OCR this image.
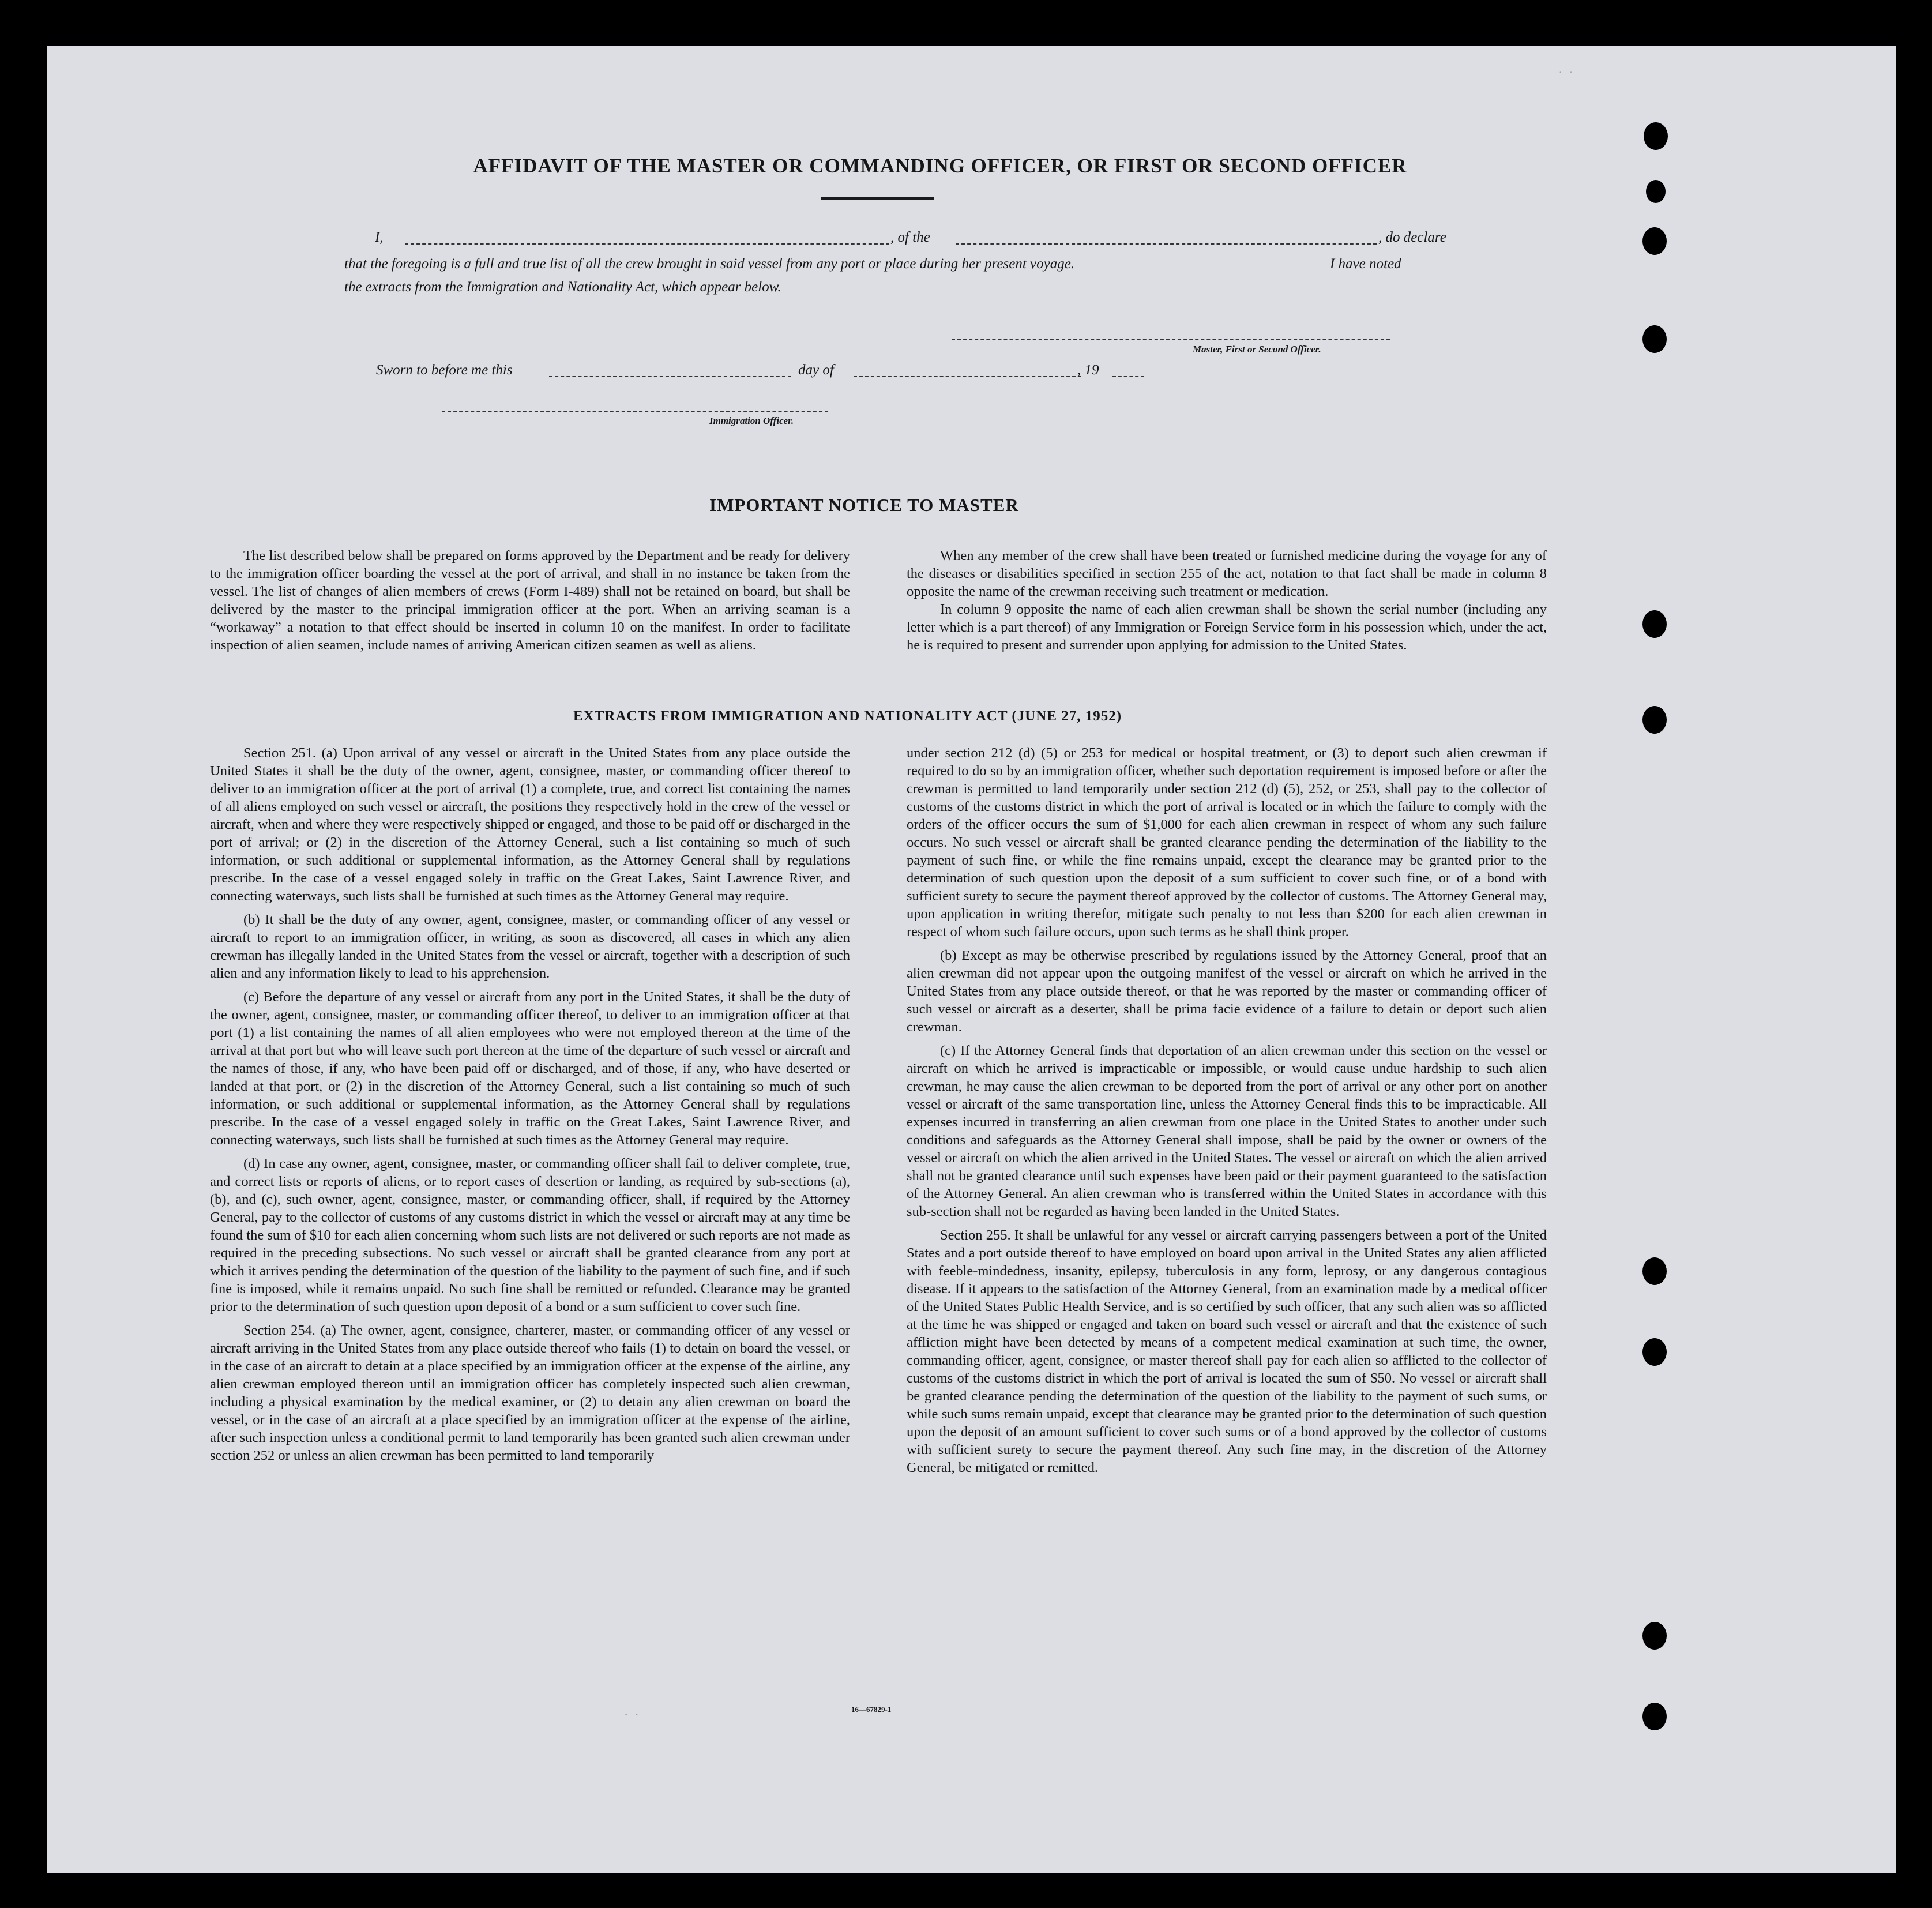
·  ·
·  ·
AFFIDAVIT OF THE MASTER OR COMMANDING OFFICER, OR FIRST OR SECOND OFFICER
I,	, of the	, do declare
that the foregoing is a full and true list of all the crew brought in said vessel from any port or place during her present voyage.	I have noted
the extracts from the Immigration and Nationality Act, which appear below.
Master, First or Second Officer.
Sworn to before me this	day of	, 19
Immigration Officer.
IMPORTANT NOTICE TO MASTER

The list described below shall be prepared on forms approved by the Department and be ready for delivery to the immigration officer boarding the vessel at the port of arrival, and shall in no instance be taken from the vessel. The list of changes of alien members of crews (Form I-489) shall not be retained on board, but shall be delivered by the master to the principal immigration officer at the port. When an arriving seaman is a “workaway” a notation to that effect should be inserted in column 10 on the manifest. In order to facilitate inspection of alien seamen, include names of arriving American citizen seamen as well as aliens.

When any member of the crew shall have been treated or furnished medicine during the voyage for any of the diseases or disabilities specified in section 255 of the act, notation to that fact shall be made in column 8 opposite the name of the crewman receiving such treatment or medication.

In column 9 opposite the name of each alien crewman shall be shown the serial number (including any letter which is a part thereof) of any Immigration or Foreign Service form in his possession which, under the act, he is required to present and surrender upon applying for admission to the United States.

EXTRACTS FROM IMMIGRATION AND NATIONALITY ACT (JUNE 27, 1952)

Section 251. (a) Upon arrival of any vessel or aircraft in the United States from any place outside the United States it shall be the duty of the owner, agent, consignee, master, or commanding officer thereof to deliver to an immigration officer at the port of arrival (1) a complete, true, and correct list containing the names of all aliens employed on such vessel or aircraft, the positions they respectively hold in the crew of the vessel or aircraft, when and where they were respectively shipped or engaged, and those to be paid off or discharged in the port of arrival; or (2) in the discretion of the Attorney General, such a list containing so much of such information, or such additional or supplemental information, as the Attorney General shall by regulations prescribe. In the case of a vessel engaged solely in traffic on the Great Lakes, Saint Lawrence River, and connecting waterways, such lists shall be furnished at such times as the Attorney General may require.

(b) It shall be the duty of any owner, agent, consignee, master, or commanding officer of any vessel or aircraft to report to an immigration officer, in writing, as soon as discovered, all cases in which any alien crewman has illegally landed in the United States from the vessel or aircraft, together with a description of such alien and any information likely to lead to his apprehension.

(c) Before the departure of any vessel or aircraft from any port in the United States, it shall be the duty of the owner, agent, consignee, master, or commanding officer thereof, to deliver to an immigration officer at that port (1) a list containing the names of all alien employees who were not employed thereon at the time of the arrival at that port but who will leave such port thereon at the time of the departure of such vessel or aircraft and the names of those, if any, who have been paid off or discharged, and of those, if any, who have deserted or landed at that port, or (2) in the discretion of the Attorney General, such a list containing so much of such information, or such additional or supplemental information, as the Attorney General shall by regulations prescribe. In the case of a vessel engaged solely in traffic on the Great Lakes, Saint Lawrence River, and connecting waterways, such lists shall be furnished at such times as the Attorney General may require.

(d) In case any owner, agent, consignee, master, or commanding officer shall fail to deliver complete, true, and correct lists or reports of aliens, or to report cases of desertion or landing, as required by sub-sections (a), (b), and (c), such owner, agent, consignee, master, or commanding officer, shall, if required by the Attorney General, pay to the collector of customs of any customs district in which the vessel or aircraft may at any time be found the sum of $10 for each alien concerning whom such lists are not delivered or such reports are not made as required in the preceding subsections. No such vessel or aircraft shall be granted clearance from any port at which it arrives pending the determination of the question of the liability to the payment of such fine, and if such fine is imposed, while it remains unpaid. No such fine shall be remitted or refunded. Clearance may be granted prior to the determination of such question upon deposit of a bond or a sum sufficient to cover such fine.

Section 254. (a) The owner, agent, consignee, charterer, master, or commanding officer of any vessel or aircraft arriving in the United States from any place outside thereof who fails (1) to detain on board the vessel, or in the case of an aircraft to detain at a place specified by an immigration officer at the expense of the airline, any alien crewman employed thereon until an immigration officer has completely inspected such alien crewman, including a physical examination by the medical examiner, or (2) to detain any alien crewman on board the vessel, or in the case of an aircraft at a place specified by an immigration officer at the expense of the airline, after such inspection unless a conditional permit to land temporarily has been granted such alien crewman under section 252 or unless an alien crewman has been permitted to land temporarily

under section 212 (d) (5) or 253 for medical or hospital treatment, or (3) to deport such alien crewman if required to do so by an immigration officer, whether such deportation requirement is imposed before or after the crewman is permitted to land temporarily under section 212 (d) (5), 252, or 253, shall pay to the collector of customs of the customs district in which the port of arrival is located or in which the failure to comply with the orders of the officer occurs the sum of $1,000 for each alien crewman in respect of whom any such failure occurs. No such vessel or aircraft shall be granted clearance pending the determination of the liability to the payment of such fine, or while the fine remains unpaid, except the clearance may be granted prior to the determination of such question upon the deposit of a sum sufficient to cover such fine, or of a bond with sufficient surety to secure the payment thereof approved by the collector of customs. The Attorney General may, upon application in writing therefor, mitigate such penalty to not less than $200 for each alien crewman in respect of whom such failure occurs, upon such terms as he shall think proper.

(b) Except as may be otherwise prescribed by regulations issued by the Attorney General, proof that an alien crewman did not appear upon the outgoing manifest of the vessel or aircraft on which he arrived in the United States from any place outside thereof, or that he was reported by the master or commanding officer of such vessel or aircraft as a deserter, shall be prima facie evidence of a failure to detain or deport such alien crewman.

(c) If the Attorney General finds that deportation of an alien crewman under this section on the vessel or aircraft on which he arrived is impracticable or impossible, or would cause undue hardship to such alien crewman, he may cause the alien crewman to be deported from the port of arrival or any other port on another vessel or aircraft of the same transportation line, unless the Attorney General finds this to be impracticable. All expenses incurred in transferring an alien crewman from one place in the United States to another under such conditions and safeguards as the Attorney General shall impose, shall be paid by the owner or owners of the vessel or aircraft on which the alien arrived in the United States. The vessel or aircraft on which the alien arrived shall not be granted clearance until such expenses have been paid or their payment guaranteed to the satisfaction of the Attorney General. An alien crewman who is transferred within the United States in accordance with this sub-section shall not be regarded as having been landed in the United States.

Section 255. It shall be unlawful for any vessel or aircraft carrying passengers between a port of the United States and a port outside thereof to have employed on board upon arrival in the United States any alien afflicted with feeble-mindedness, insanity, epilepsy, tuberculosis in any form, leprosy, or any dangerous contagious disease. If it appears to the satisfaction of the Attorney General, from an examination made by a medical officer of the United States Public Health Service, and is so certified by such officer, that any such alien was so afflicted at the time he was shipped or engaged and taken on board such vessel or aircraft and that the existence of such affliction might have been detected by means of a competent medical examination at such time, the owner, commanding officer, agent, consignee, or master thereof shall pay for each alien so afflicted to the collector of customs of the customs district in which the port of arrival is located the sum of $50. No vessel or aircraft shall be granted clearance pending the determination of the question of the liability to the payment of such sums, or while such sums remain unpaid, except that clearance may be granted prior to the determination of such question upon the deposit of an amount sufficient to cover such sums or of a bond approved by the collector of customs with sufficient surety to secure the payment thereof. Any such fine may, in the discretion of the Attorney General, be mitigated or remitted.

16—67829-1
